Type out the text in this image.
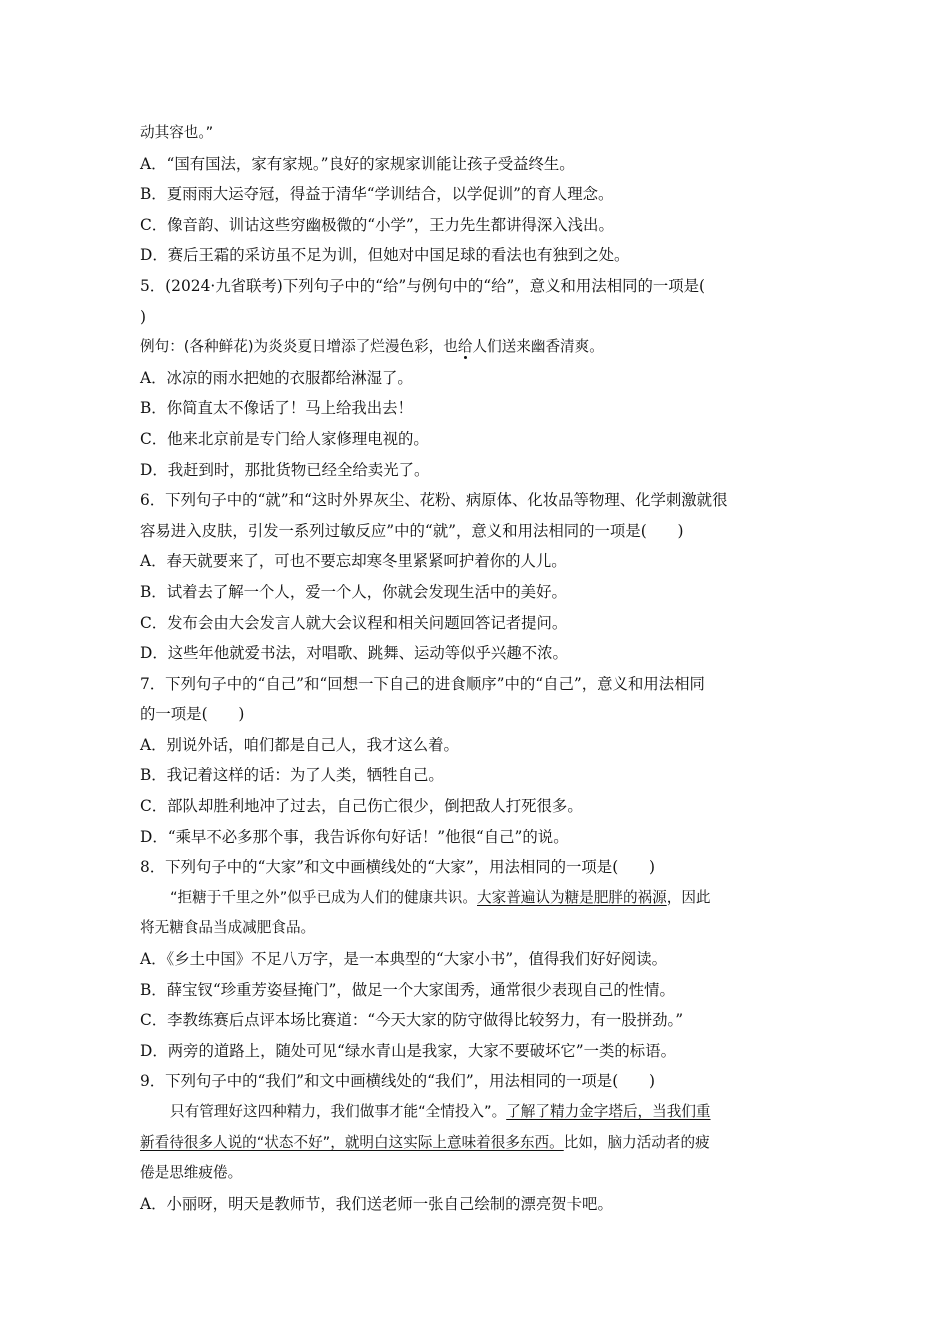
动其容也。”
A．“国有国法，家有家规。”良好的家规家训能让孩子受益终生。
B．夏雨雨大运夺冠，得益于清华“学训结合，以学促训”的育人理念。
C．像音韵、训诂这些穷幽极微的“小学”，王力先生都讲得深入浅出。
D．赛后王霜的采访虽不足为训，但她对中国足球的看法也有独到之处。
5．(2024·九省联考)下列句子中的“给”与例句中的“给”，意义和用法相同的一项是(
)
例句：(各种鲜花)为炎炎夏日增添了烂漫色彩，也给人们送来幽香清爽。
A．冰凉的雨水把她的衣服都给淋湿了。
B．你简直太不像话了！马上给我出去！
C．他来北京前是专门给人家修理电视的。
D．我赶到时，那批货物已经全给卖光了。
6．下列句子中的“就”和“这时外界灰尘、花粉、病原体、化妆品等物理、化学刺激就很
容易进入皮肤，引发一系列过敏反应”中的“就”，意义和用法相同的一项是(　　)
A．春天就要来了，可也不要忘却寒冬里紧紧呵护着你的人儿。
B．试着去了解一个人，爱一个人，你就会发现生活中的美好。
C．发布会由大会发言人就大会议程和相关问题回答记者提问。
D．这些年他就爱书法，对唱歌、跳舞、运动等似乎兴趣不浓。
7．下列句子中的“自己”和“回想一下自己的进食顺序”中的“自己”，意义和用法相同
的一项是(　　)
A．别说外话，咱们都是自己人，我才这么着。
B．我记着这样的话：为了人类，牺牲自己。
C．部队却胜利地冲了过去，自己伤亡很少，倒把敌人打死很多。
D．“乘早不必多那个事，我告诉你句好话！”他很“自己”的说。
8．下列句子中的“大家”和文中画横线处的“大家”，用法相同的一项是(　　)
“拒糖于千里之外”似乎已成为人们的健康共识。大家普遍认为糖是肥胖的祸源，因此
将无糖食品当成减肥食品。
A．《乡土中国》不足八万字，是一本典型的“大家小书”，值得我们好好阅读。
B．薛宝钗“珍重芳姿昼掩门”，做足一个大家闺秀，通常很少表现自己的性情。
C．李教练赛后点评本场比赛道：“今天大家的防守做得比较努力，有一股拼劲。”
D．两旁的道路上，随处可见“绿水青山是我家，大家不要破坏它”一类的标语。
9．下列句子中的“我们”和文中画横线处的“我们”，用法相同的一项是(　　)
只有管理好这四种精力，我们做事才能“全情投入”。了解了精力金字塔后，当我们重
新看待很多人说的“状态不好”，就明白这实际上意味着很多东西。比如，脑力活动者的疲
倦是思维疲倦。
A．小丽呀，明天是教师节，我们送老师一张自己绘制的漂亮贺卡吧。
